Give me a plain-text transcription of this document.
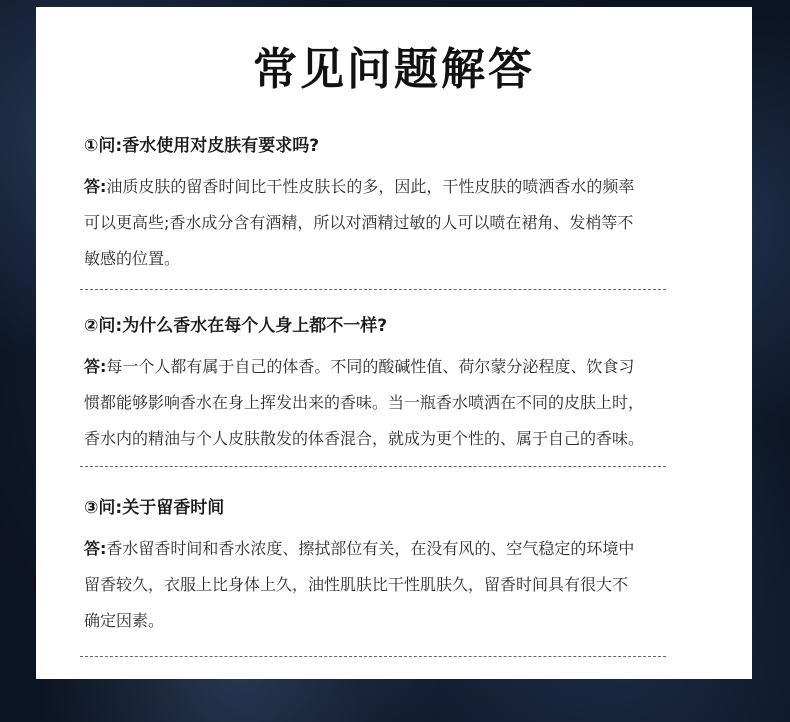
常见问题解答

①问:香水使用对皮肤有要求吗?

答:油质皮肤的留香时间比干性皮肤长的多，因此，干性皮肤的喷洒香水的频率
可以更高些;香水成分含有酒精，所以对酒精过敏的人可以喷在裙角、发梢等不
敏感的位置。

②问:为什么香水在每个人身上都不一样?

答:每一个人都有属于自己的体香。不同的酸碱性值、荷尔蒙分泌程度、饮食习
惯都能够影响香水在身上挥发出来的香味。当一瓶香水喷洒在不同的皮肤上时，
香水内的精油与个人皮肤散发的体香混合，就成为更个性的、属于自己的香味。

③问:关于留香时间

答:香水留香时间和香水浓度、擦拭部位有关，在没有风的、空气稳定的环境中
留香较久，衣服上比身体上久，油性肌肤比干性肌肤久，留香时间具有很大不
确定因素。
